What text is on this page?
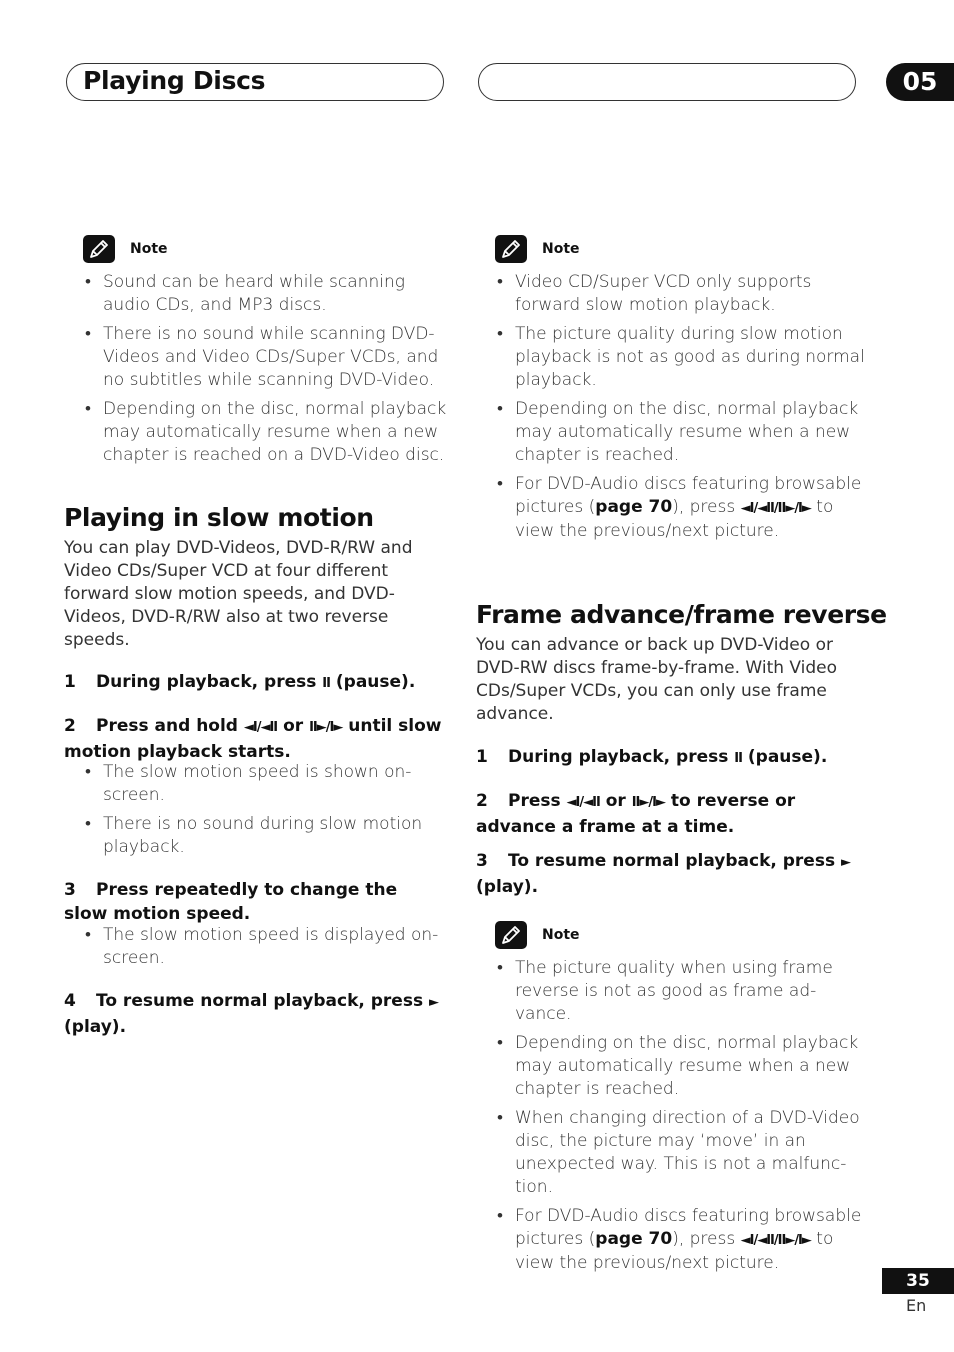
Playing Discs	05
Note
• Sound can be heard while scanning audio CDs, and MP3 discs.
• There is no sound while scanning DVD-Videos and Video CDs/Super VCDs, and no subtitles while scanning DVD-Video.
• Depending on the disc, normal playback may automatically resume when a new chapter is reached on a DVD-Video disc.
Playing in slow motion
You can play DVD-Videos, DVD-R/RW and Video CDs/Super VCD at four different forward slow motion speeds, and DVD-Videos, DVD-R/RW also at two reverse speeds.
1 During playback, press II (pause).
2 Press and hold ◄I/◄II or II►/I► until slow motion playback starts.
• The slow motion speed is shown on-screen.
• There is no sound during slow motion playback.
3 Press repeatedly to change the slow motion speed.
• The slow motion speed is displayed on-screen.
4 To resume normal playback, press ► (play).
Note
• Video CD/Super VCD only supports forward slow motion playback.
• The picture quality during slow motion playback is not as good as during normal playback.
• Depending on the disc, normal playback may automatically resume when a new chapter is reached.
• For DVD-Audio discs featuring browsable pictures (page 70), press ◄I/◄II/II►/I► to view the previous/next picture.
Frame advance/frame reverse
You can advance or back up DVD-Video or DVD-RW discs frame-by-frame. With Video CDs/Super VCDs, you can only use frame advance.
1 During playback, press II (pause).
2 Press ◄I/◄II or II►/I► to reverse or advance a frame at a time.
3 To resume normal playback, press ► (play).
Note
• The picture quality when using frame reverse is not as good as frame ad-vance.
• Depending on the disc, normal playback may automatically resume when a new chapter is reached.
• When changing direction of a DVD-Video disc, the picture may ‘move’ in an unexpected way. This is not a malfunc-tion.
• For DVD-Audio discs featuring browsable pictures (page 70), press ◄I/◄II/II►/I► to view the previous/next picture.
35
En
